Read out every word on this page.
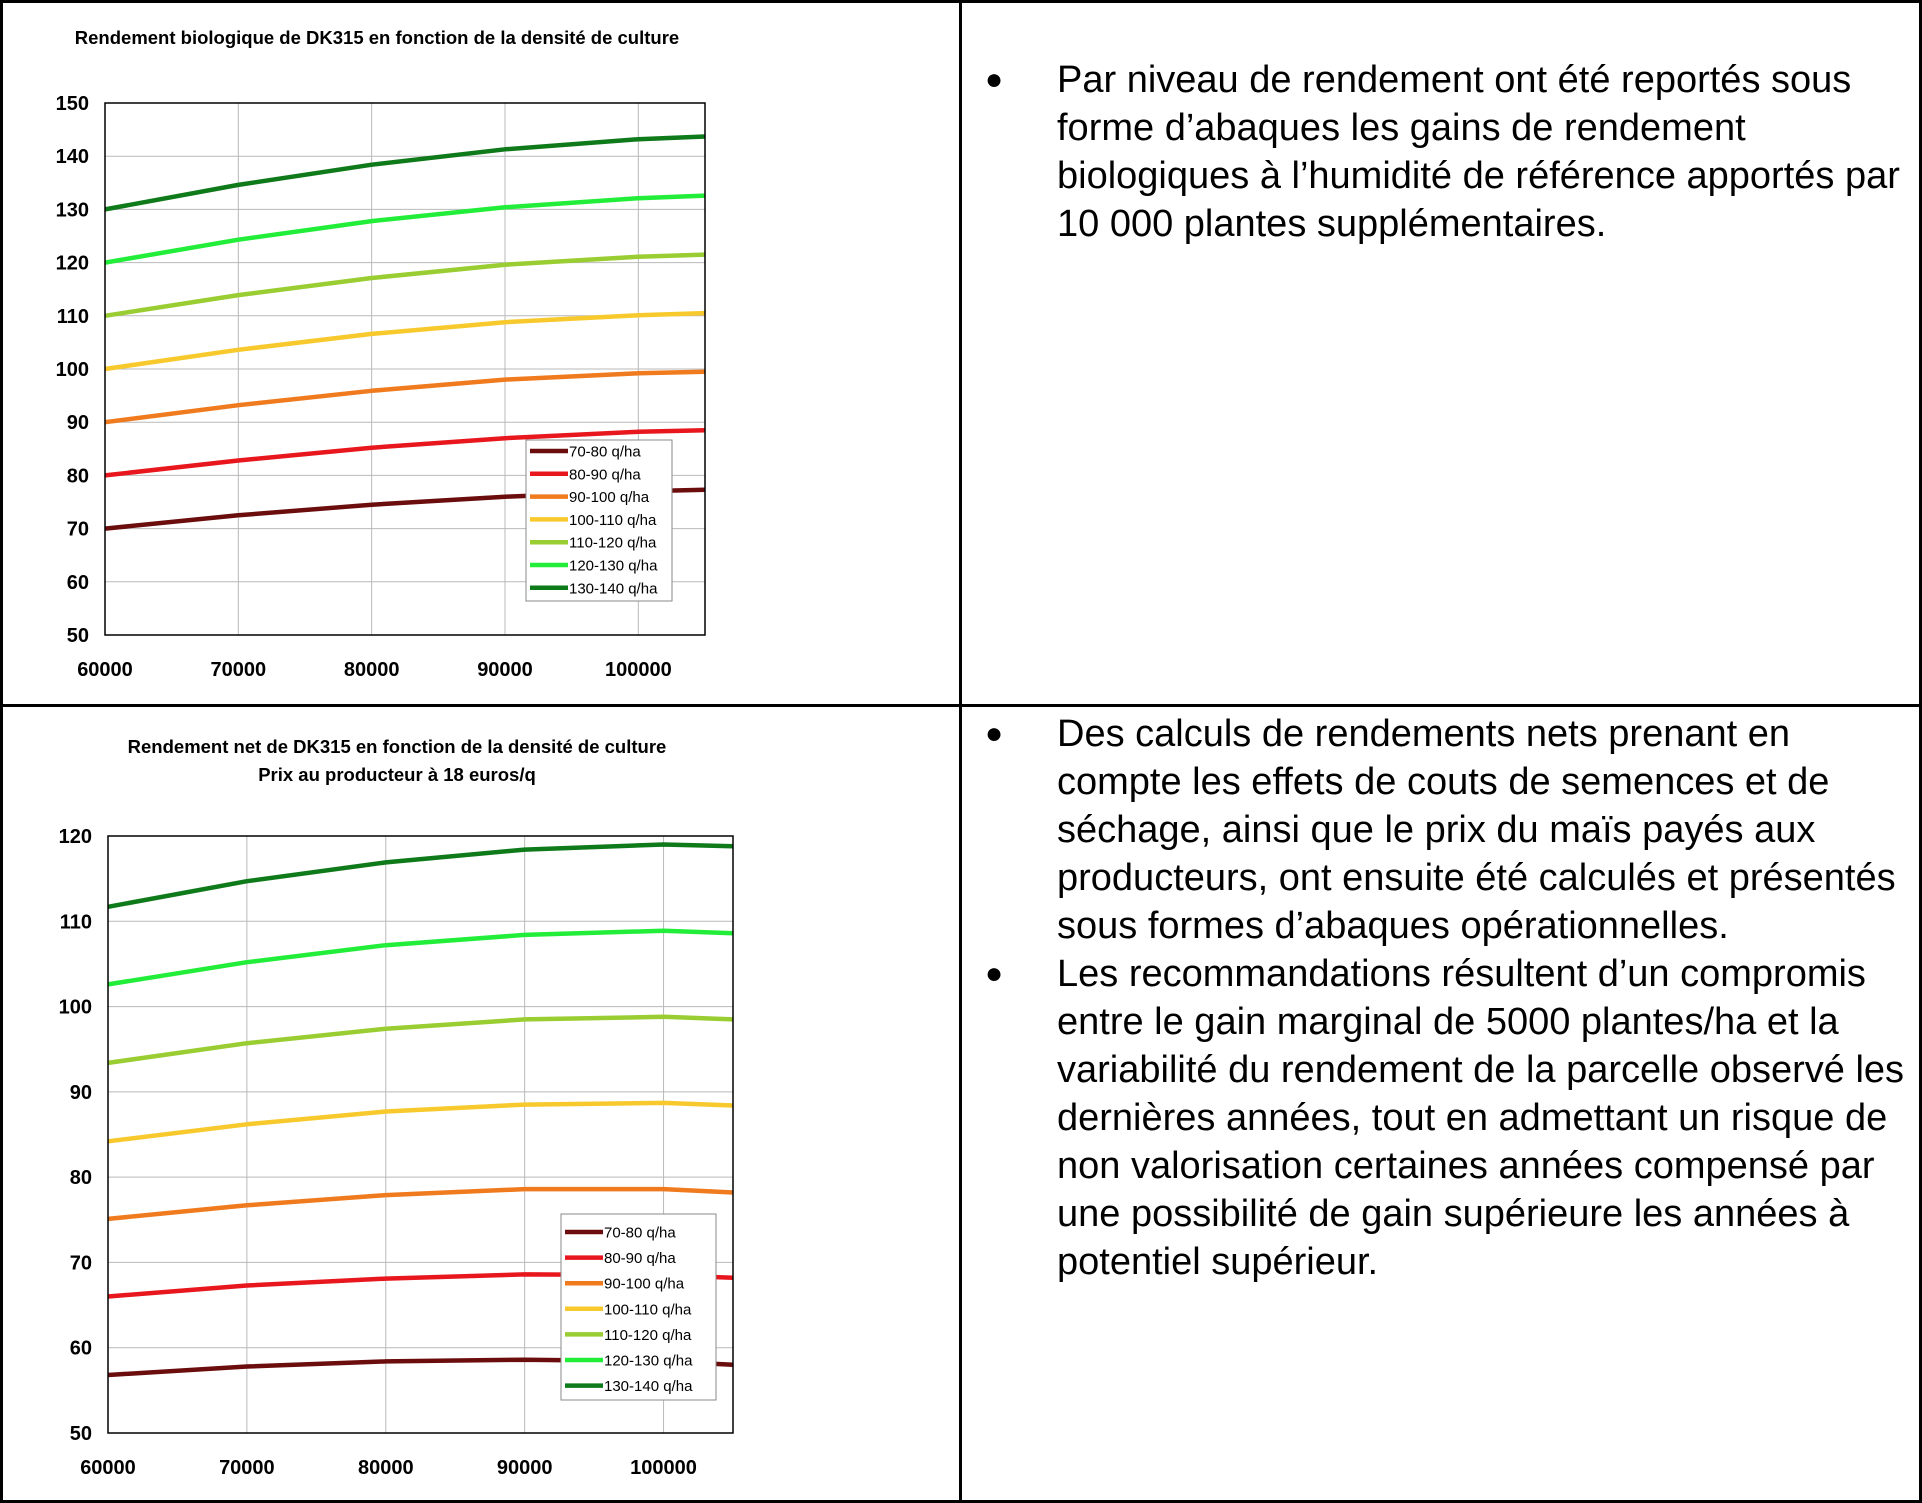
Rendement biologique de DK315 en fonction de la densité de culture
50
60
70
80
90
100
110
120
130
140
150
60000	70000	80000	90000	100000
70-80 q/ha
80-90 q/ha
90-100 q/ha
100-110 q/ha
110-120 q/ha
120-130 q/ha
130-140 q/ha
Rendement net de DK315 en fonction de la densité de culture
Prix au producteur à 18 euros/q
50
60
70
80
90
100
110
120
60000	70000	80000	90000	100000
70-80 q/ha
80-90 q/ha
90-100 q/ha
100-110 q/ha
110-120 q/ha
120-130 q/ha
130-140 q/ha
●	Par niveau de rendement ont été reportés sous forme d’abaques les gains de rendement biologiques à l’humidité de référence apportés par 10 000 plantes supplémentaires.
●	Des calculs de rendements nets prenant en compte les effets de couts de semences et de séchage, ainsi que le prix du maïs payés aux producteurs, ont ensuite été calculés et présentés sous formes d’abaques opérationnelles.
●	Les recommandations résultent d’un compromis entre le gain marginal de 5000 plantes/ha et la variabilité du rendement de la parcelle observé les dernières années, tout en admettant un risque de non valorisation certaines années compensé par une possibilité de gain supérieure les années à potentiel supérieur.
